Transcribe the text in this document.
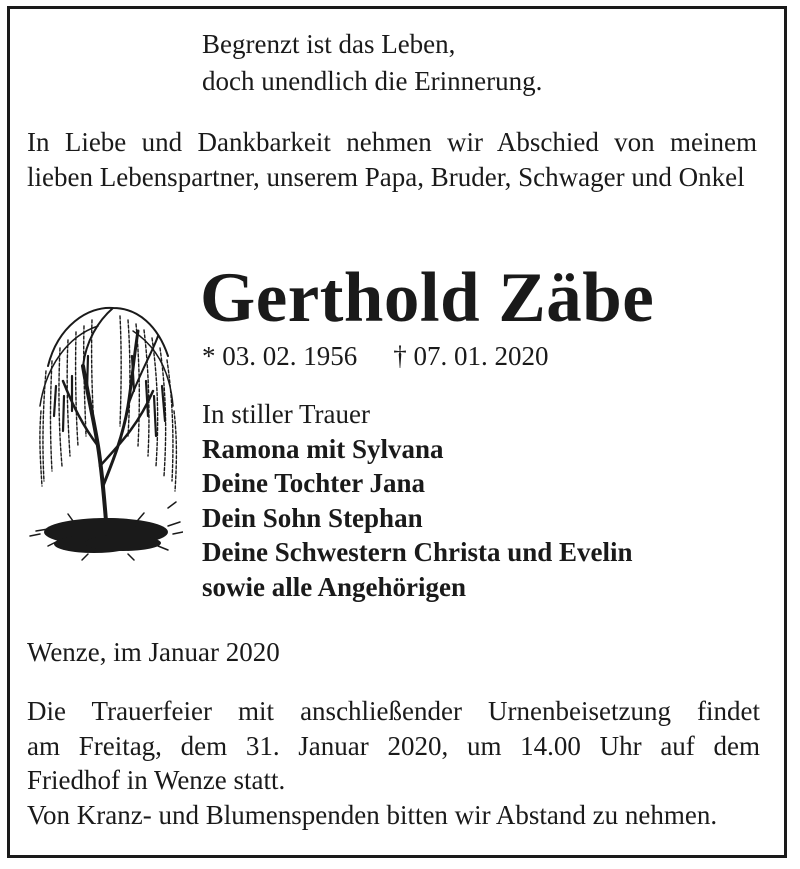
Begrenzt ist das Leben,
doch unendlich die Erinnerung.
In Liebe und Dankbarkeit nehmen wir Abschied von meinem lieben Lebenspartner, unserem Papa, Bruder, Schwager und Onkel
Gerthold Zäbe
* 03. 02. 1956 † 07. 01. 2020
In stiller Trauer
Ramona mit Sylvana
Deine Tochter Jana
Dein Sohn Stephan
Deine Schwestern Christa und Evelin
sowie alle Angehörigen
Wenze, im Januar 2020
Die Trauerfeier mit anschließender Urnenbeisetzung findet
am Freitag, dem 31. Januar 2020, um 14.00 Uhr auf dem
Friedhof in Wenze statt.
Von Kranz- und Blumenspenden bitten wir Abstand zu nehmen.
